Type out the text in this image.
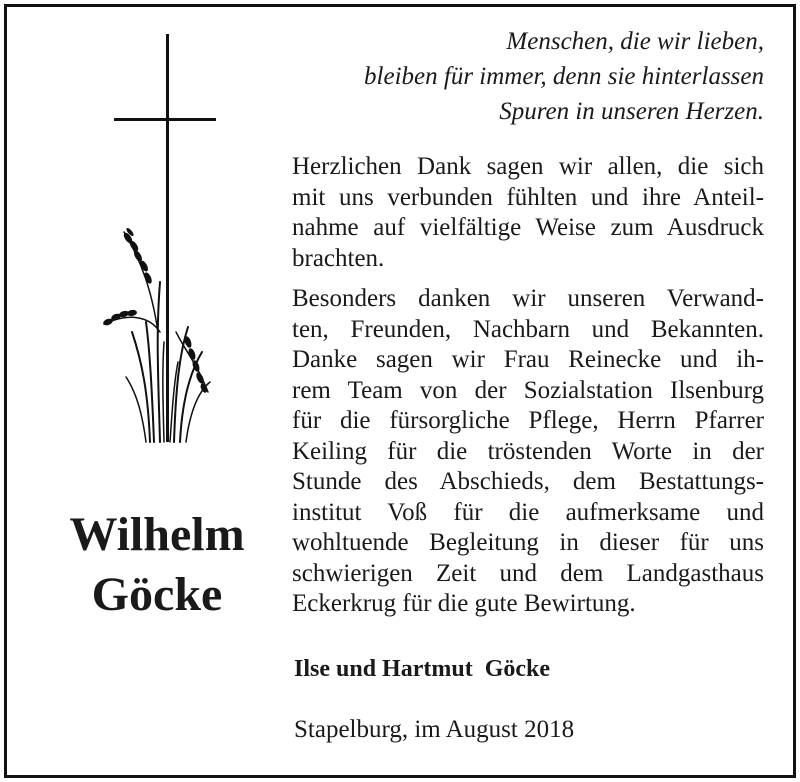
Menschen, die wir lieben,
bleiben für immer, denn sie hinterlassen
Spuren in unseren Herzen.
Herzlichen Dank sagen wir allen, die sich
mit uns verbunden fühlten und ihre Anteil-
nahme auf vielfältige Weise zum Ausdruck
brachten.
Besonders danken wir unseren Verwand-
ten, Freunden, Nachbarn und Bekannten.
Danke sagen wir Frau Reinecke und ih-
rem Team von der Sozialstation Ilsenburg
für die fürsorgliche Pflege, Herrn Pfarrer
Keiling für die tröstenden Worte in der
Stunde des Abschieds, dem Bestattungs-
institut Voß für die aufmerksame und
wohltuende Begleitung in dieser für uns
schwierigen Zeit und dem Landgasthaus
Eckerkrug für die gute Bewirtung.
Wilhelm
Göcke
Ilse und Hartmut  Göcke
Stapelburg, im August 2018
